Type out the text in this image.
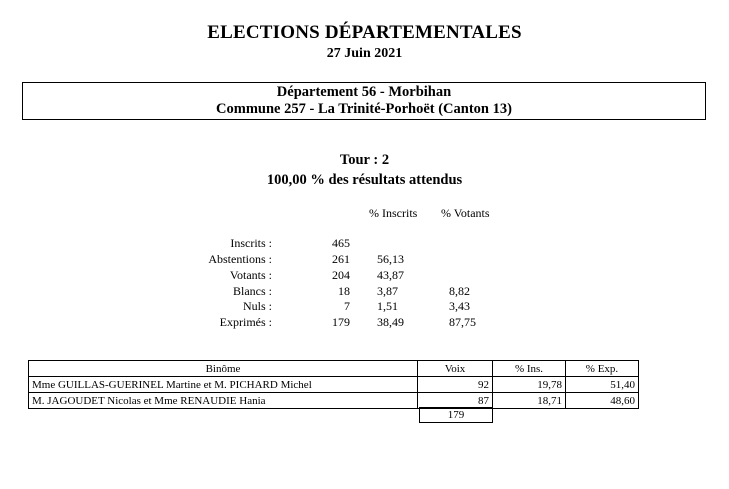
ELECTIONS DÉPARTEMENTALES
27 Juin 2021
Département 56 - Morbihan
Commune 257 - La Trinité-Porhoët (Canton 13)
Tour : 2
100,00 % des résultats attendus
% Inscrits % Votants
Inscrits :	465
Abstentions :	261 56,13
Votants :	204 43,87
Blancs :	18 3,87	8,82
Nuls :	7 1,51	3,43
Exprimés :	179 38,49	87,75
Binôme	Voix	% Ins.	% Exp.
Mme GUILLAS-GUERINEL Martine et M. PICHARD Michel	92	19,78	51,40
M. JAGOUDET Nicolas et Mme RENAUDIE Hania	87	18,71	48,60
179
